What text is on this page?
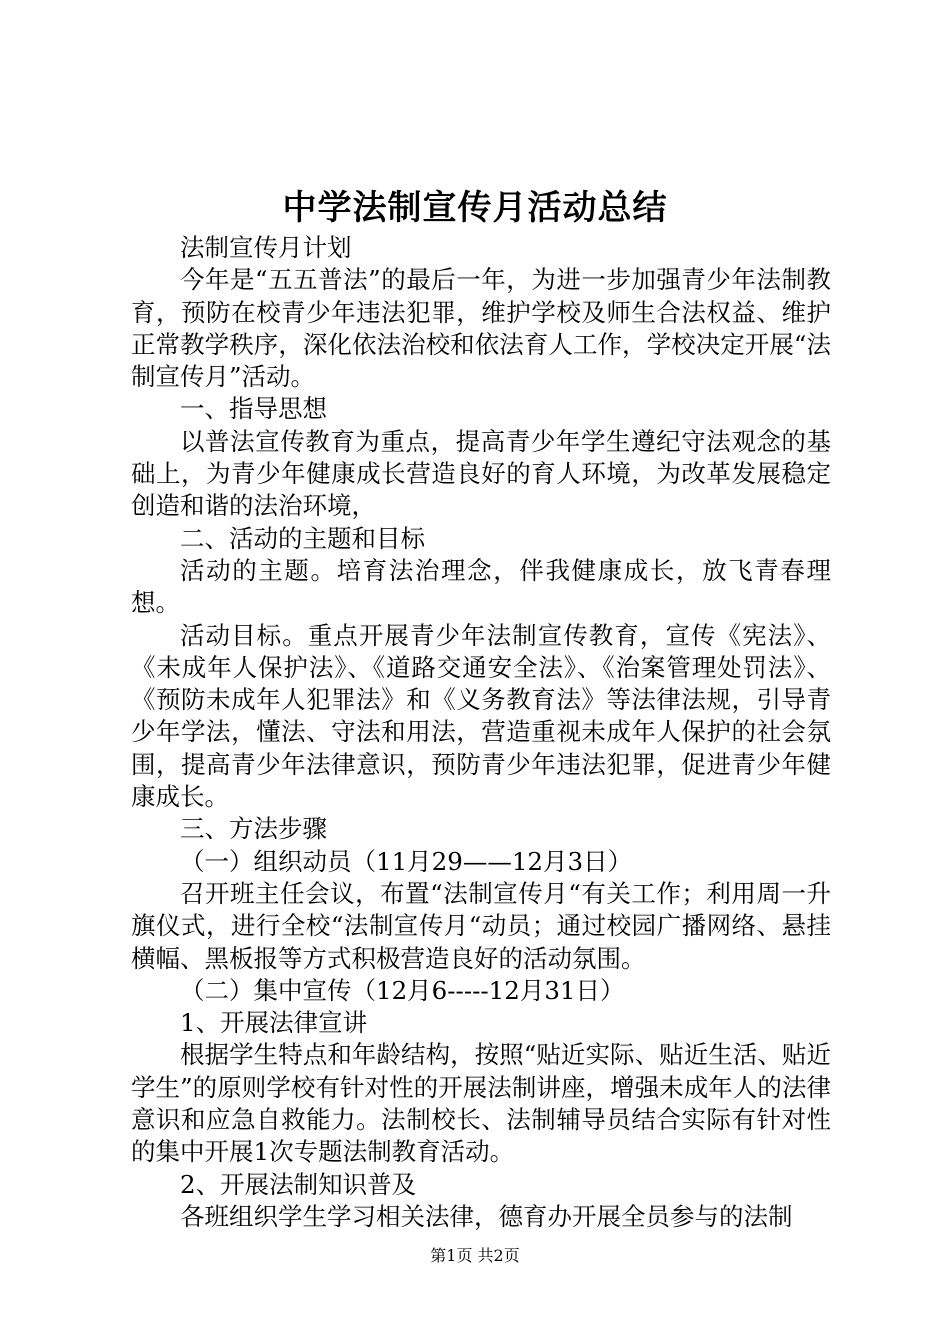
中学法制宣传月活动总结

法制宣传月计划

今年是“五五普法”的最后一年，为进一步加强青少年法制教育，预防在校青少年违法犯罪，维护学校及师生合法权益、维护正常教学秩序，深化依法治校和依法育人工作，学校决定开展“法制宣传月”活动。

一、指导思想

以普法宣传教育为重点，提高青少年学生遵纪守法观念的基础上，为青少年健康成长营造良好的育人环境，为改革发展稳定创造和谐的法治环境，

二、活动的主题和目标

活动的主题。培育法治理念，伴我健康成长，放飞青春理想。

活动目标。重点开展青少年法制宣传教育，宣传《宪法》、《未成年人保护法》、《道路交通安全法》、《治案管理处罚法》、《预防未成年人犯罪法》和《义务教育法》等法律法规，引导青少年学法，懂法、守法和用法，营造重视未成年人保护的社会氛围，提高青少年法律意识，预防青少年违法犯罪，促进青少年健康成长。

三、方法步骤

（一）组织动员（11月29——12月3日）

召开班主任会议，布置“法制宣传月“有关工作；利用周一升旗仪式，进行全校“法制宣传月“动员；通过校园广播网络、悬挂横幅、黑板报等方式积极营造良好的活动氛围。

（二）集中宣传（12月6-----12月31日）

1、开展法律宣讲

根据学生特点和年龄结构，按照“贴近实际、贴近生活、贴近学生”的原则学校有针对性的开展法制讲座，增强未成年人的法律意识和应急自救能力。法制校长、法制辅导员结合实际有针对性的集中开展1次专题法制教育活动。

2、开展法制知识普及

各班组织学生学习相关法律，德育办开展全员参与的法制

第1页 共2页
